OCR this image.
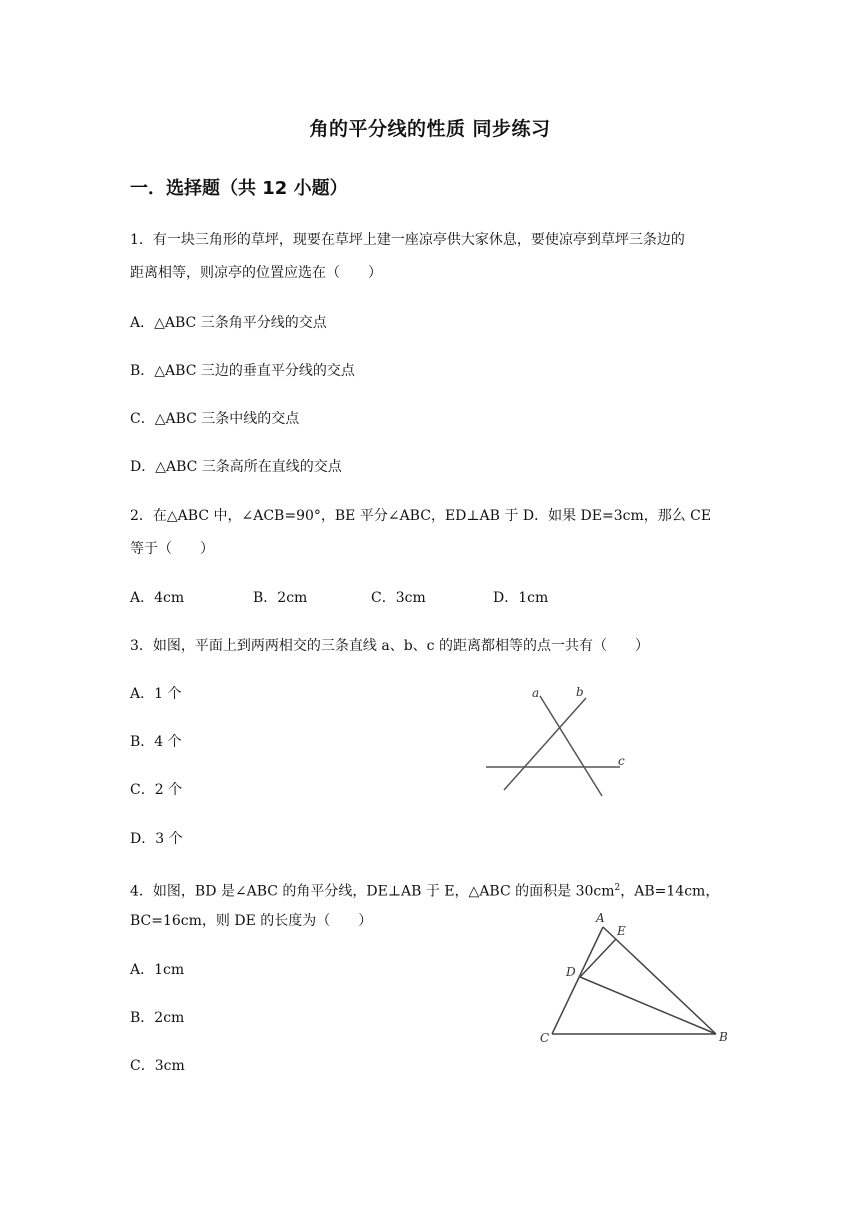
角的平分线的性质 同步练习
一．选择题（共 12 小题）
1．有一块三角形的草坪，现要在草坪上建一座凉亭供大家休息，要使凉亭到草坪三条边的
距离相等，则凉亭的位置应选在（　　）
A．△ABC 三条角平分线的交点
B．△ABC 三边的垂直平分线的交点
C．△ABC 三条中线的交点
D．△ABC 三条高所在直线的交点
2．在△ABC 中，∠ACB=90°，BE 平分∠ABC，ED⊥AB 于 D．如果 DE=3cm，那么 CE
等于（　　）
A．4cm	B．2cm	C．3cm	D．1cm
3．如图，平面上到两两相交的三条直线 a、b、c 的距离都相等的点一共有（　　）
A．1 个
B．4 个
C．2 个
D．3 个
a	b
c
4．如图，BD 是∠ABC 的角平分线，DE⊥AB 于 E，△ABC 的面积是 $30cm^2$，AB=14cm，
BC=16cm，则 DE 的长度为（　　）
A．1cm
B．2cm
C．3cm
A
E
D
C	B
